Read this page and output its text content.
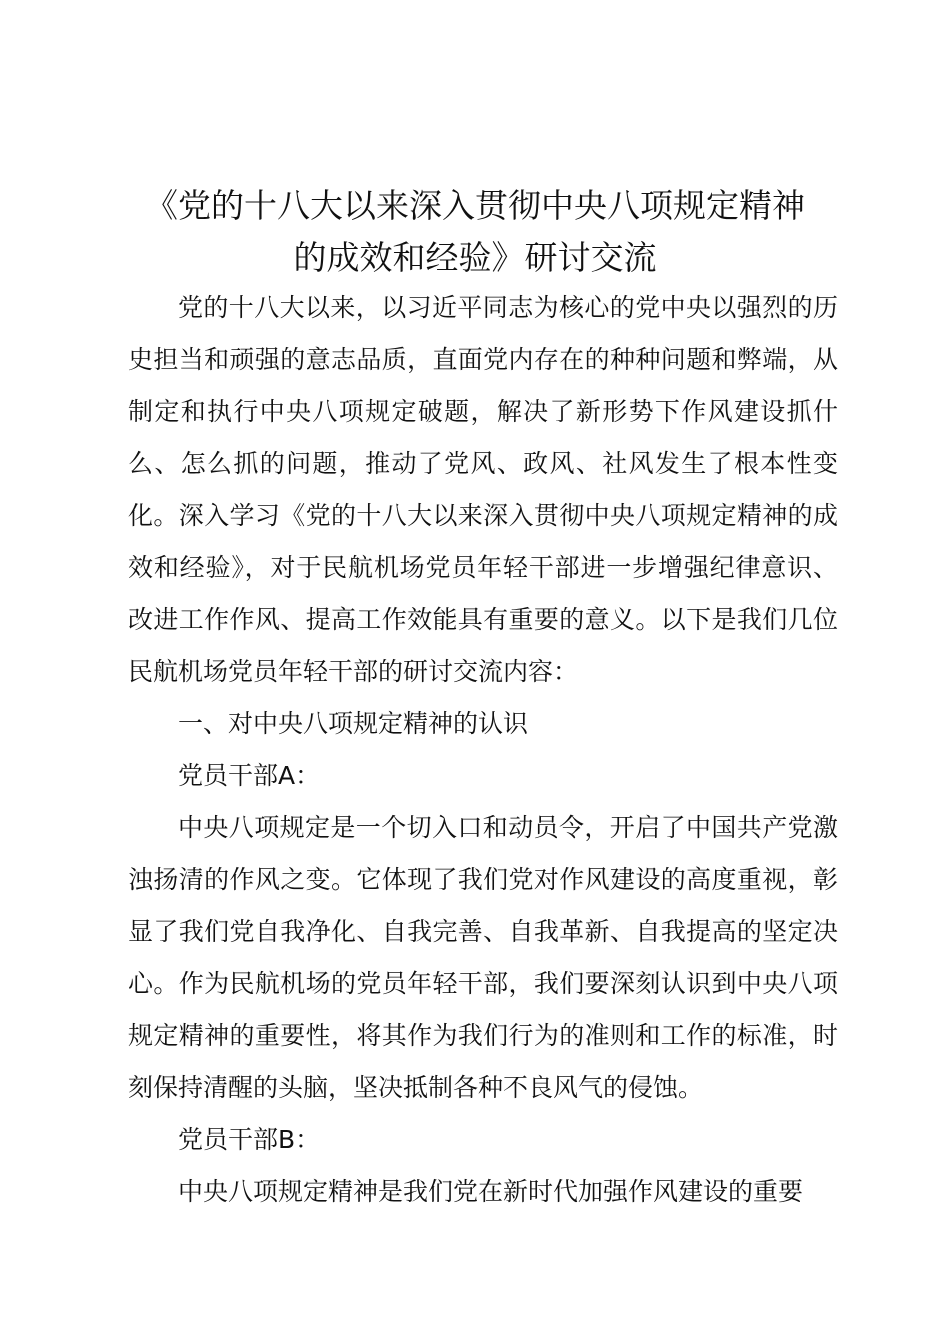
《党的十八大以来深入贯彻中央八项规定精神
的成效和经验》研讨交流

党的十八大以来，以习近平同志为核心的党中央以强烈的历史担当和顽强的意志品质，直面党内存在的种种问题和弊端，从制定和执行中央八项规定破题，解决了新形势下作风建设抓什么、怎么抓的问题，推动了党风、政风、社风发生了根本性变化。深入学习《党的十八大以来深入贯彻中央八项规定精神的成效和经验》，对于民航机场党员年轻干部进一步增强纪律意识、改进工作作风、提高工作效能具有重要的意义。以下是我们几位民航机场党员年轻干部的研讨交流内容：

一、对中央八项规定精神的认识

党员干部A：

中央八项规定是一个切入口和动员令，开启了中国共产党激浊扬清的作风之变。它体现了我们党对作风建设的高度重视，彰显了我们党自我净化、自我完善、自我革新、自我提高的坚定决心。作为民航机场的党员年轻干部，我们要深刻认识到中央八项规定精神的重要性，将其作为我们行为的准则和工作的标准，时刻保持清醒的头脑，坚决抵制各种不良风气的侵蚀。

党员干部B：

中央八项规定精神是我们党在新时代加强作风建设的重要
